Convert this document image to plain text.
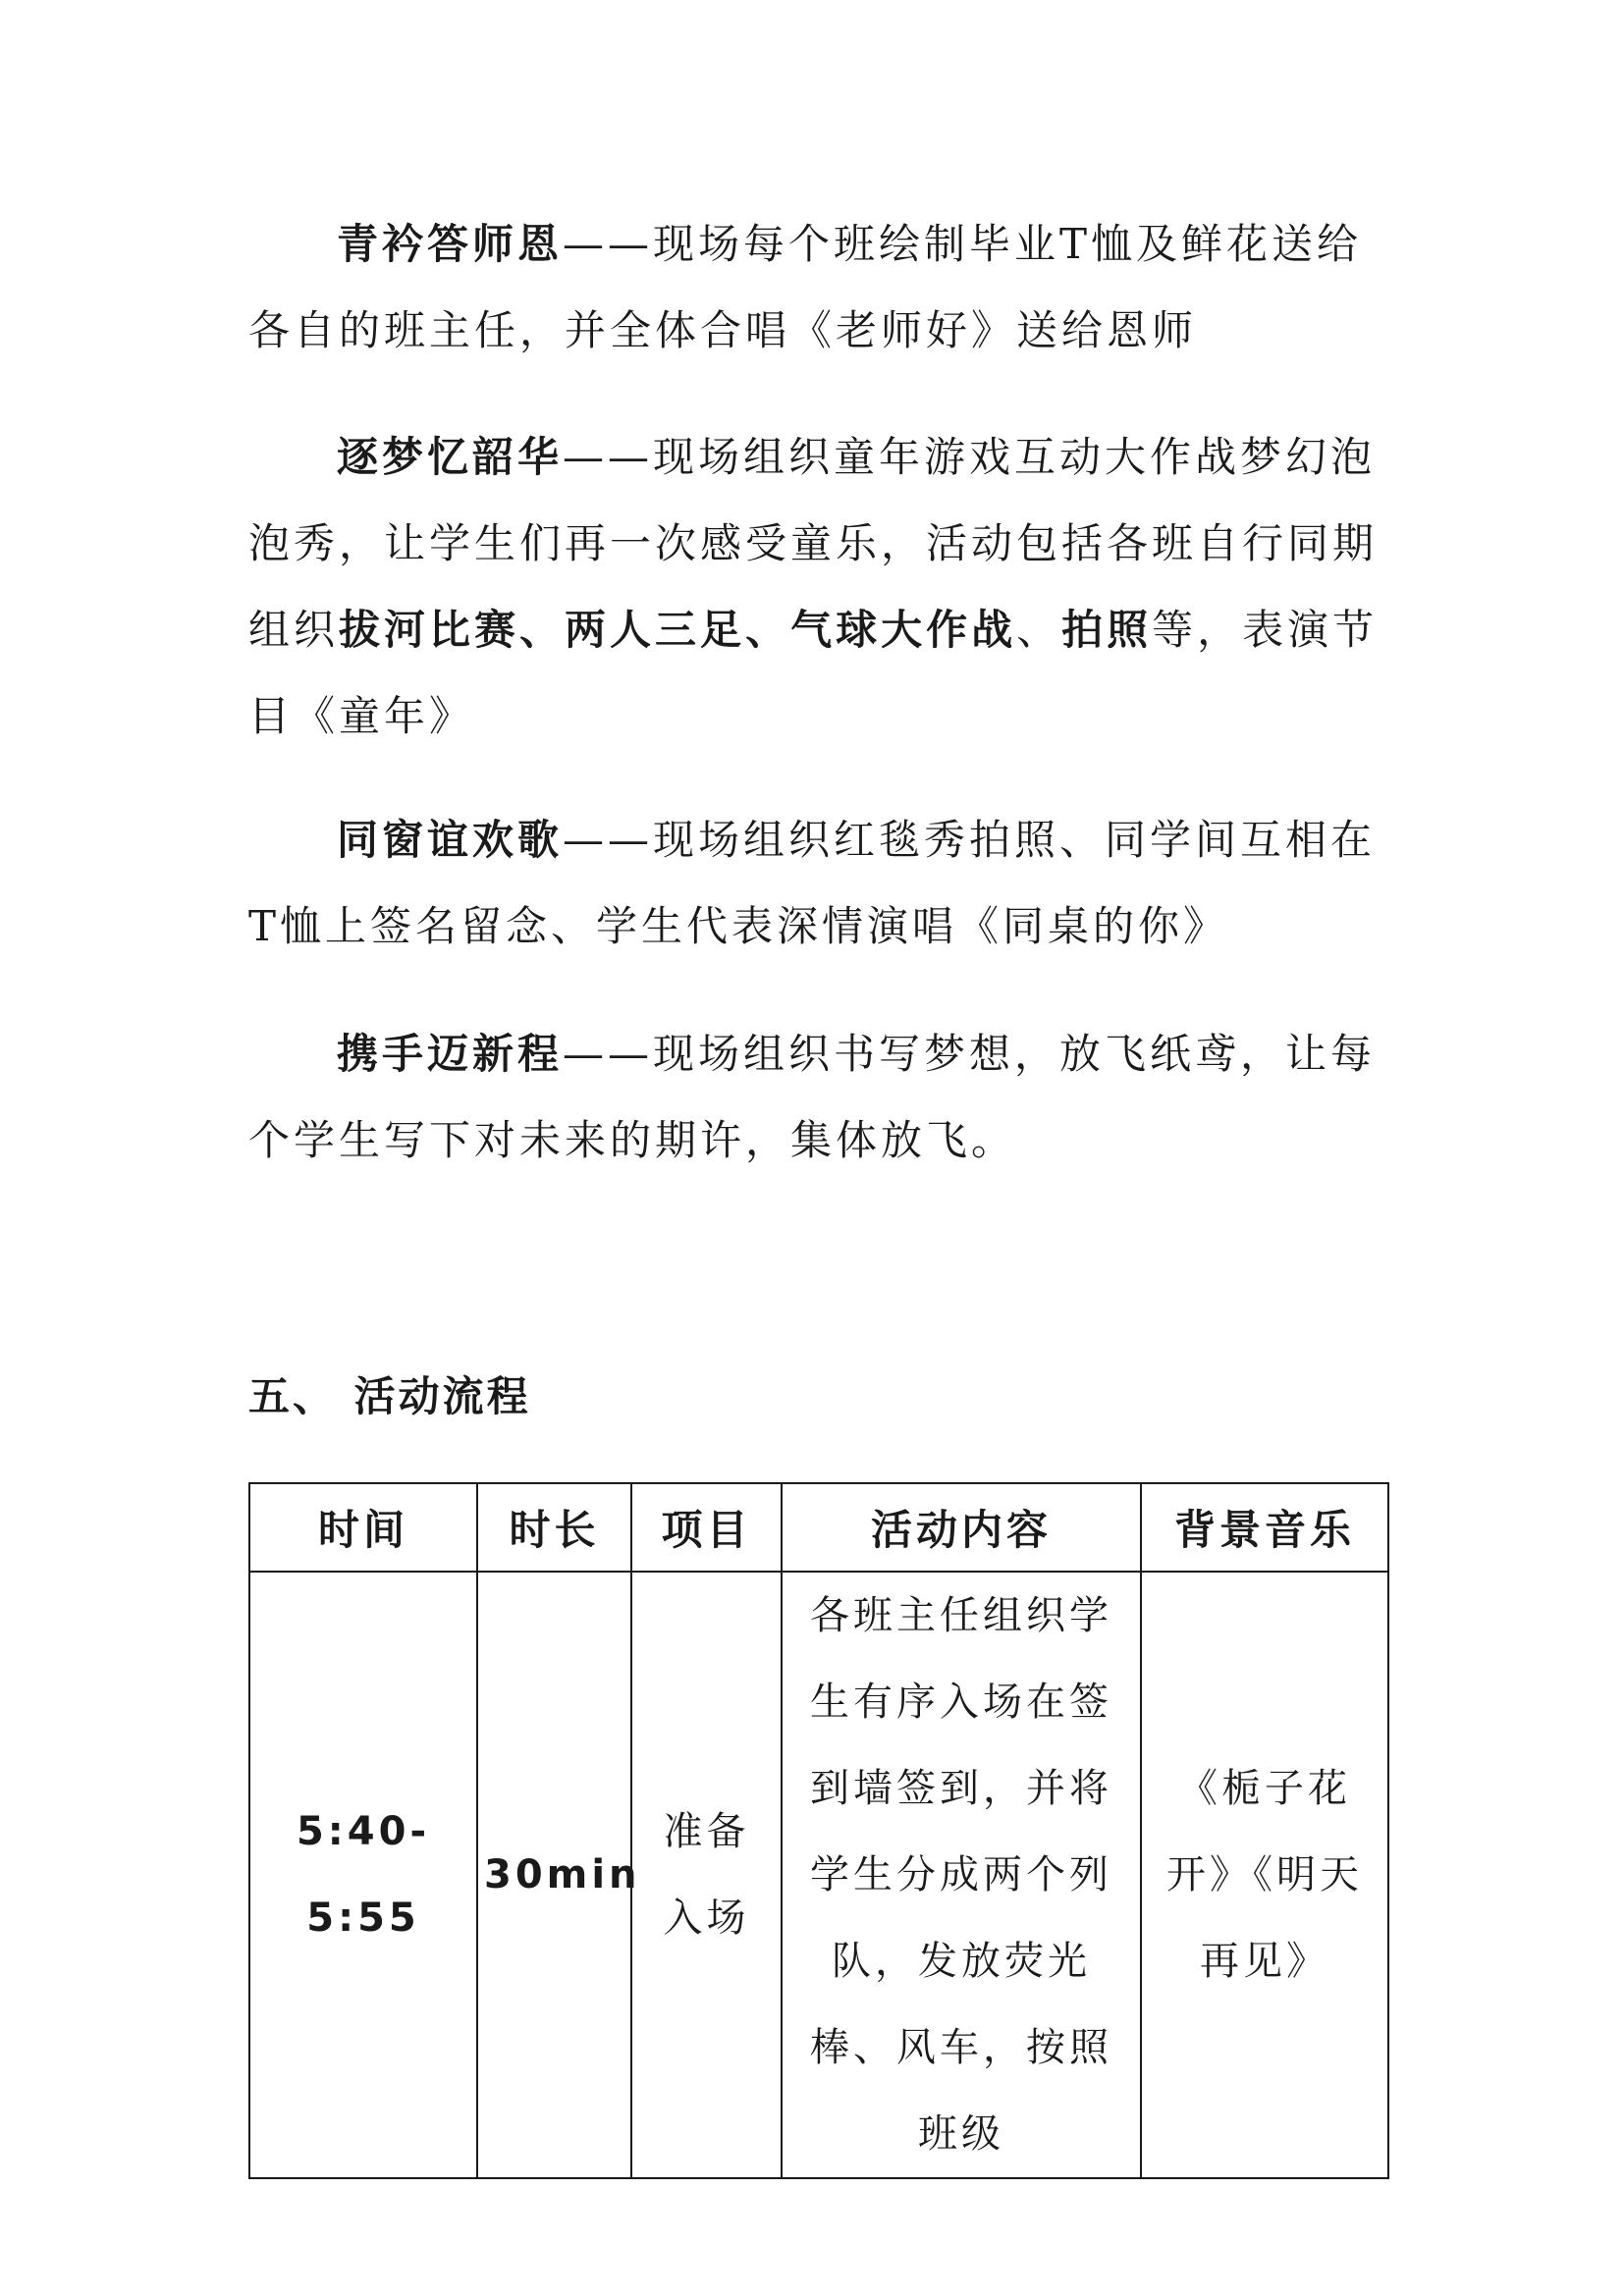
青衿答师恩——现场每个班绘制毕业T恤及鲜花送给各自的班主任，并全体合唱《老师好》送给恩师

逐梦忆韶华——现场组织童年游戏互动大作战梦幻泡泡秀，让学生们再一次感受童乐，活动包括各班自行同期组织拔河比赛、两人三足、气球大作战、拍照等，表演节目《童年》

同窗谊欢歌——现场组织红毯秀拍照、同学间互相在T恤上签名留念、学生代表深情演唱《同桌的你》

携手迈新程——现场组织书写梦想，放飞纸鸢，让每个学生写下对未来的期许，集体放飞。

五、 活动流程
时间	时长	项目	活动内容	背景音乐
5:40-5:55	30min	准备入场	各班主任组织学生有序入场在签到墙签到，并将学生分成两个列队，发放荧光棒、风车，按照班级	《栀子花开》《明天再见》
